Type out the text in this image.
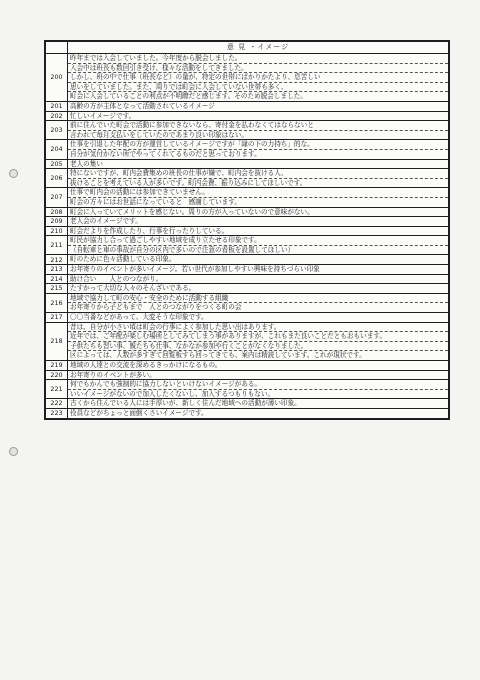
	意 見 ・イメージ
200	昨年までは入会していました。今年度から脱会しました。
入会中は班長も数回引き受け、様々な活動をしてきました。
しかし、班の中で仕事（班長など）の量が、特定の世帯にばかりかたより、息苦しい
思いをしていました。また、周りでは町会に入会していない世帯も多く、
町会に入会していることの利点が不明瞭だと感じます。そのため脱会しました。

201	高齢の方が主体となって活動されているイメージ

202	忙しいイメージです。

203	前に住んでいた町会で活動に参加できないなら、寄付金を払わなくてはならないと
言われて毎月支払いをしていたのであまり良い印象はない。

204	仕事を引退した年配の方が運営しているイメージですが「縁の下の力持ち」的な。
自分が気付かない所でやってくれてるものだと思っております。

205	老人の集い

206	特にないですが、町内会費集めの班長の仕事が嫌で、町内会を抜ける人、
抜けることを考えている人が多いです。町内会費、振り込みにしてほしいです。

207	仕事で町内会の活動には参加できていません。
町会の方々にはお世話になっていると　感謝しています。

208	町会に入っていてメリットを感じない。周りの方が入っていないので意味がない。

209	老人会のイメージです。

210	町会だよりを作成したり、行事を行ったりしている。

211	町民が協力し合って過ごしやすい地域を成り立たせる印象です。
（自転車と車の事故が自分の区内で多いので注意の看板を設置してほしい）

212	町のために色々活動している印象。

213	お年寄りのイベントが多いイメージ。若い世代が参加しやすい興味を持ちづらい印象

214	助け合い　　人とのつながり。

215	たすかって大切な人々のそんざいである。

216	地域で協力して町の安心・安全のために活動する組織
お年寄りから子どもまで　人とのつながりをつくる町の会

217	〇〇当番などがあって、大変そうな印象です。

218	昔は、自分が小さい頃は町会の行事によく参加した思い出はあります。
近年では、ご年配が楽しむ場所としてみてしまう事がありますが、これもまた良いことだともおもいます。
子供たちも習い事、親たちも仕事、なかなか参加や行くことがなくなりました。
区によっては、人数が多すぎて回覧板すら回ってきても、案内は精読しています。これが現状です。

219	地域の人達との交流を深めるきっかけになるもの。

220	お年寄りのイベントが多い。

221	何でもかんでも強制的に協力しないといけないイメージがある。
いいイメージがないので加入したくないし、加入するつもりもない。

222	古くから住んでいる人には手厚いが、新しく住んだ地域への活動が薄い印象。

223	役員などがちょっと面倒くさいイメージです。
